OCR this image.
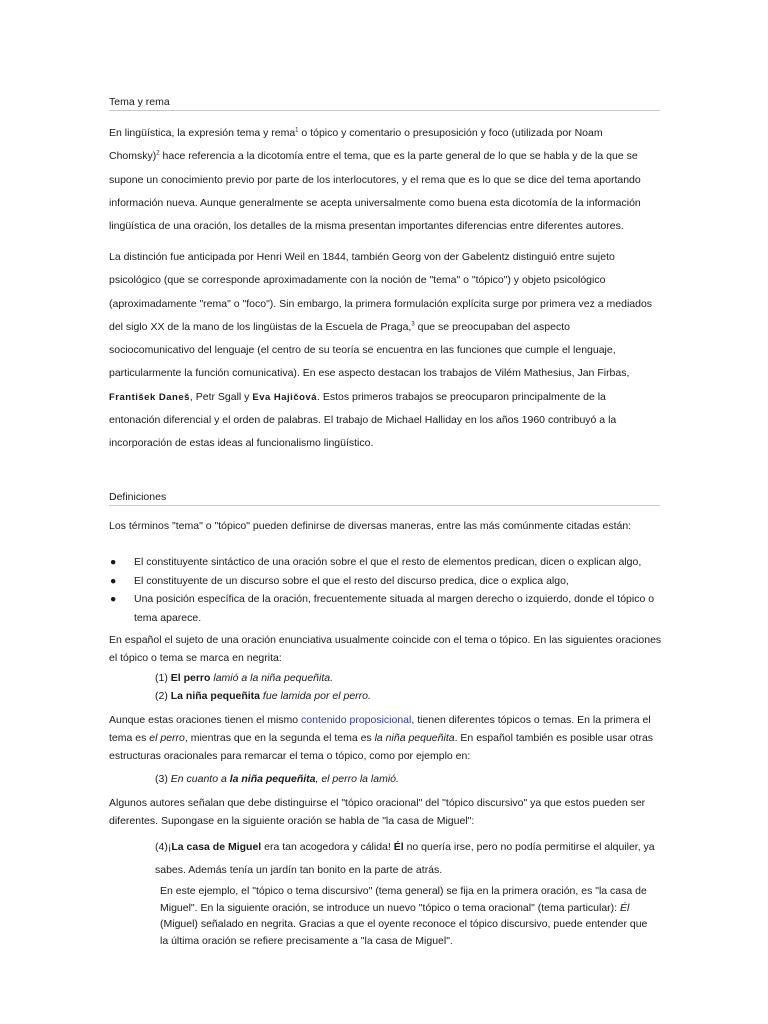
Tema y rema

En lingüística, la expresión tema y rema$^1$ o tópico y comentario o presuposición y foco (utilizada por Noam Chomsky)$^2$ hace referencia a la dicotomía entre el tema, que es la parte general de lo que se habla y de la que se supone un conocimiento previo por parte de los interlocutores, y el rema que es lo que se dice del tema aportando información nueva. Aunque generalmente se acepta universalmente como buena esta dicotomía de la información lingüística de una oración, los detalles de la misma presentan importantes diferencias entre diferentes autores.

La distinción fue anticipada por Henri Weil en 1844, también Georg von der Gabelentz distinguió entre sujeto psicológico (que se corresponde aproximadamente con la noción de "tema" o "tópico") y objeto psicológico (aproximadamente "rema" o "foco"). Sin embargo, la primera formulación explícita surge por primera vez a mediados del siglo XX de la mano de los lingüistas de la Escuela de Praga,$^3$ que se preocupaban del aspecto sociocomunicativo del lenguaje (el centro de su teoría se encuentra en las funciones que cumple el lenguaje, particularmente la función comunicativa). En ese aspecto destacan los trabajos de Vilém Mathesius, Jan Firbas, František Daneš, Petr Sgall y Eva Hajičová. Estos primeros trabajos se preocuparon principalmente de la entonación diferencial y el orden de palabras. El trabajo de Michael Halliday en los años 1960 contribuyó a la incorporación de estas ideas al funcionalismo lingüístico.

Definiciones

Los términos "tema" o "tópico" pueden definirse de diversas maneras, entre las más comúnmente citadas están:

● El constituyente sintáctico de una oración sobre el que el resto de elementos predican, dicen o explican algo,
● El constituyente de un discurso sobre el que el resto del discurso predica, dice o explica algo,
● Una posición específica de la oración, frecuentemente situada al margen derecho o izquierdo, donde el tópico o tema aparece.

En español el sujeto de una oración enunciativa usualmente coincide con el tema o tópico. En las siguientes oraciones el tópico o tema se marca en negrita:

(1) El perro lamió a la niña pequeñita.

(2) La niña pequeñita fue lamida por el perro.

Aunque estas oraciones tienen el mismo contenido proposicional, tienen diferentes tópicos o temas. En la primera el tema es el perro, mientras que en la segunda el tema es la niña pequeñita. En español también es posible usar otras estructuras oracionales para remarcar el tema o tópico, como por ejemplo en:

(3) En cuanto a la niña pequeñita, el perro la lamió.

Algunos autores señalan que debe distinguirse el "tópico oracional" del "tópico discursivo" ya que estos pueden ser diferentes. Supongase en la siguiente oración se habla de "la casa de Miguel":

(4)¡La casa de Miguel era tan acogedora y cálida! Él no quería irse, pero no podía permitirse el alquiler, ya sabes. Además tenía un jardín tan bonito en la parte de atrás.

En este ejemplo, el "tópico o tema discursivo" (tema general) se fija en la primera oración, es "la casa de Miguel". En la siguiente oración, se introduce un nuevo "tópico o tema oracional" (tema particular): Él (Miguel) señalado en negrita. Gracias a que el oyente reconoce el tópico discursivo, puede entender que la última oración se refiere precisamente a "la casa de Miguel".
